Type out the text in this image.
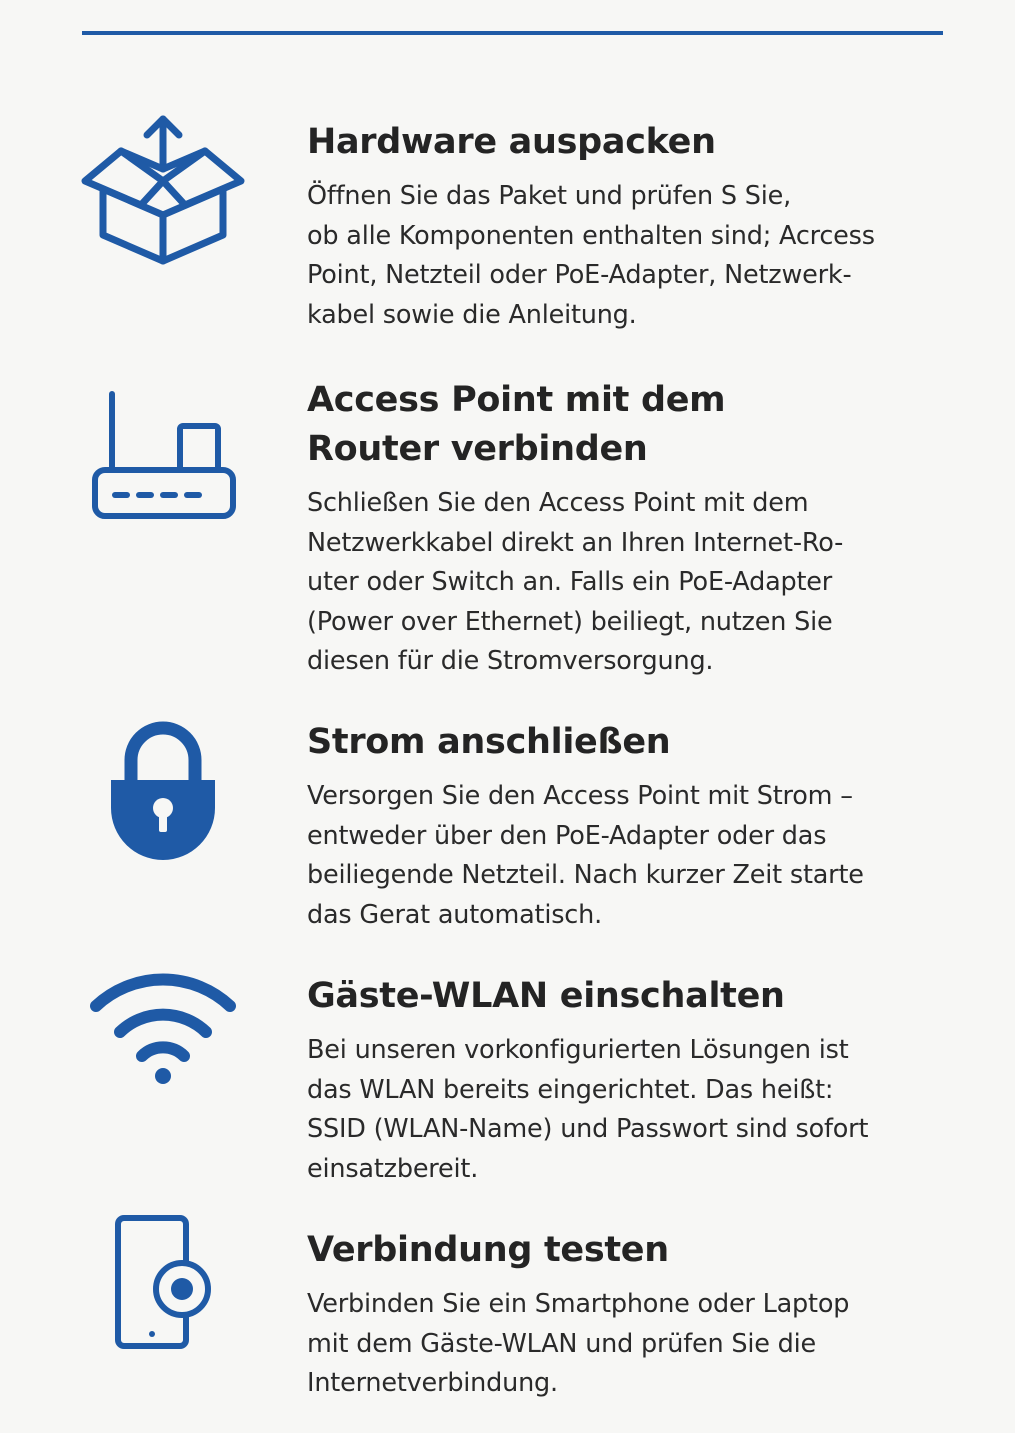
Hardware auspacken

Öffnen Sie das Paket und prüfen S Sie,
ob alle Komponenten enthalten sind; Acrcess
Point, Netzteil oder PoE-Adapter, Netzwerk-
kabel sowie die Anleitung.

Access Point mit dem
Router verbinden

Schließen Sie den Access Point mit dem
Netzwerkkabel direkt an Ihren Internet-Ro-
uter oder Switch an. Falls ein PoE-Adapter
(Power over Ethernet) beiliegt, nutzen Sie
diesen für die Stromversorgung.

Strom anschließen

Versorgen Sie den Access Point mit Strom –
entweder über den PoE-Adapter oder das
beiliegende Netzteil. Nach kurzer Zeit starte
das Gerat automatisch.

Gäste-WLAN einschalten

Bei unseren vorkonfigurierten Lösungen ist
das WLAN bereits eingerichtet. Das heißt:
SSID (WLAN-Name) und Passwort sind sofort
einsatzbereit.

Verbindung testen

Verbinden Sie ein Smartphone oder Laptop
mit dem Gäste-WLAN und prüfen Sie die
Internetverbindung.
